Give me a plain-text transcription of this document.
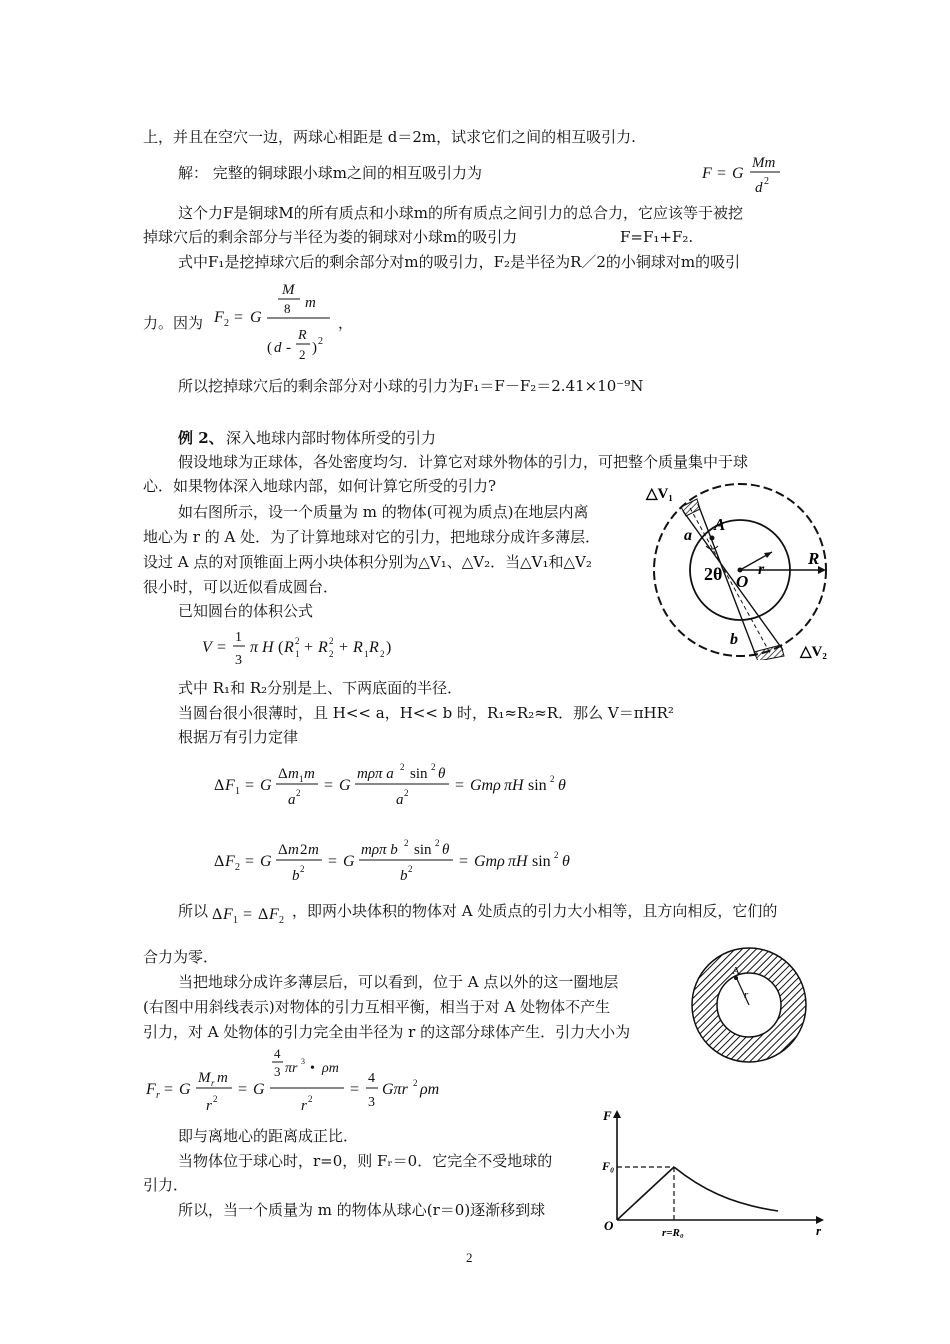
上，并且在空穴一边，两球心相距是 d＝2m，试求它们之间的相互吸引力.
解： 完整的铜球跟小球m之间的相互吸引力为	F = G
Mm
d 2
这个力F是铜球M的所有质点和小球m的所有质点之间引力的总合力，它应该等于被挖
掉球穴后的剩余部分与半径为娄的铜球对小球m的吸引力	F=F₁+F₂.
式中F₁是挖掉球穴后的剩余部分对m的吸引力，F₂是半径为R／2的小铜球对m的吸引
力。因为 F 2 = G
M
8 m
( d -
R
2 ) 2
，
所以挖掉球穴后的剩余部分对小球的引力为F₁＝F－F₂＝2.41×10⁻⁹N
例 2、 深入地球内部时物体所受的引力
假设地球为正球体，各处密度均匀．计算它对球外物体的引力，可把整个质量集中于球
心．如果物体深入地球内部，如何计算它所受的引力?
如右图所示，设一个质量为 m 的物体(可视为质点)在地层内离
地心为 r 的 A 处．为了计算地球对它的引力，把地球分成许多薄层．
设过 A 点的对顶锥面上两小块体积分别为△V₁、△V₂．当△V₁和△V₂
很小时，可以近似看成圆台．
已知圆台的体积公式
V =
1
3
π H ( R 1
2 + R 2
2 + R 1 R 2 )
式中 R₁和 R₂分别是上、下两底面的半径．
当圆台很小很薄时，且 H<< a，H<< b 时，R₁≈R₂≈R．那么 V＝πHR²
根据万有引力定律
Δ F 1 = G
Δ m 1 m
a 2 = G
mρπ a 2 sin 2 θ
a 2	= Gmρ πH sin 2 θ
Δ F 2 = G
Δ m 2 m
b 2 = G
mρπ b 2 sin 2 θ
b 2	= Gmρ πH sin 2 θ
所以 Δ F 1 = Δ F 2
，即两小块体积的物体对 A 处质点的引力大小相等，且方向相反，它们的
合力为零．
当把地球分成许多薄层后，可以看到，位于 A 点以外的这一圈地层
(右图中用斜线表示)对物体的引力互相平衡，相当于对 A 处物体不产生
引力，对 A 处物体的引力完全由半径为 r 的这部分球体产生．引力大小为
F r = G
M r m
r 2
= G
4
3 πr 3 • ρm
r 2
=
4
3
Gπr 2 ρm
即与离地心的距离成正比．
当物体位于球心时，r=0，则 Fᵣ＝0．它完全不受地球的
引力．
所以，当一个质量为 m 的物体从球心(r＝0)逐渐移到球
△V₁
A
a
2θ O
r
R
b
△V₂
A
r
F
F₀
O	r=R₀	r
2
